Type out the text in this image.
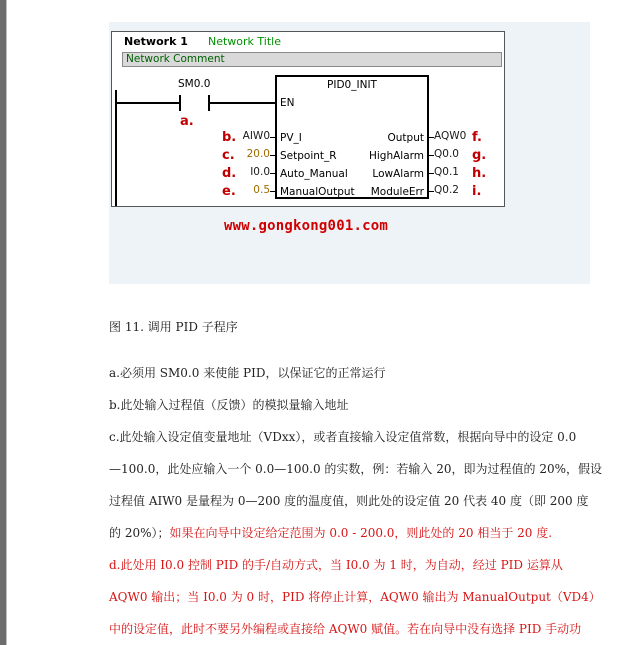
Network 1 Network Title
Network Comment
SM0.0	PID0_INIT
EN
PV_I
Setpoint_R
Auto_Manual
ManualOutput
Output
HighAlarm
LowAlarm
ModuleErr
AIW0
20.0
I0.0
0.5
AQW0
Q0.0
Q0.1
Q0.2
a.
b.
c.
d.
e.
f.
g.
h.
i.
www.gongkong001.com
图 11. 调用 PID 子程序
a.必须用 SM0.0 来使能 PID，以保证它的正常运行
b.此处输入过程值（反馈）的模拟量输入地址
c.此处输入设定值变量地址（VDxx），或者直接输入设定值常数，根据向导中的设定 0.0
—100.0，此处应输入一个 0.0—100.0 的实数，例：若输入 20，即为过程值的 20%，假设
过程值 AIW0 是量程为 0—200 度的温度值，则此处的设定值 20 代表 40 度（即 200 度
的 20%）；如果在向导中设定给定范围为 0.0 - 200.0，则此处的 20 相当于 20 度.
d.此处用 I0.0 控制 PID 的手/自动方式，当 I0.0 为 1 时，为自动，经过 PID 运算从
AQW0 输出；当 I0.0 为 0 时，PID 将停止计算，AQW0 输出为 ManualOutput（VD4）
中的设定值，此时不要另外编程或直接给 AQW0 赋值。若在向导中没有选择 PID 手动功
